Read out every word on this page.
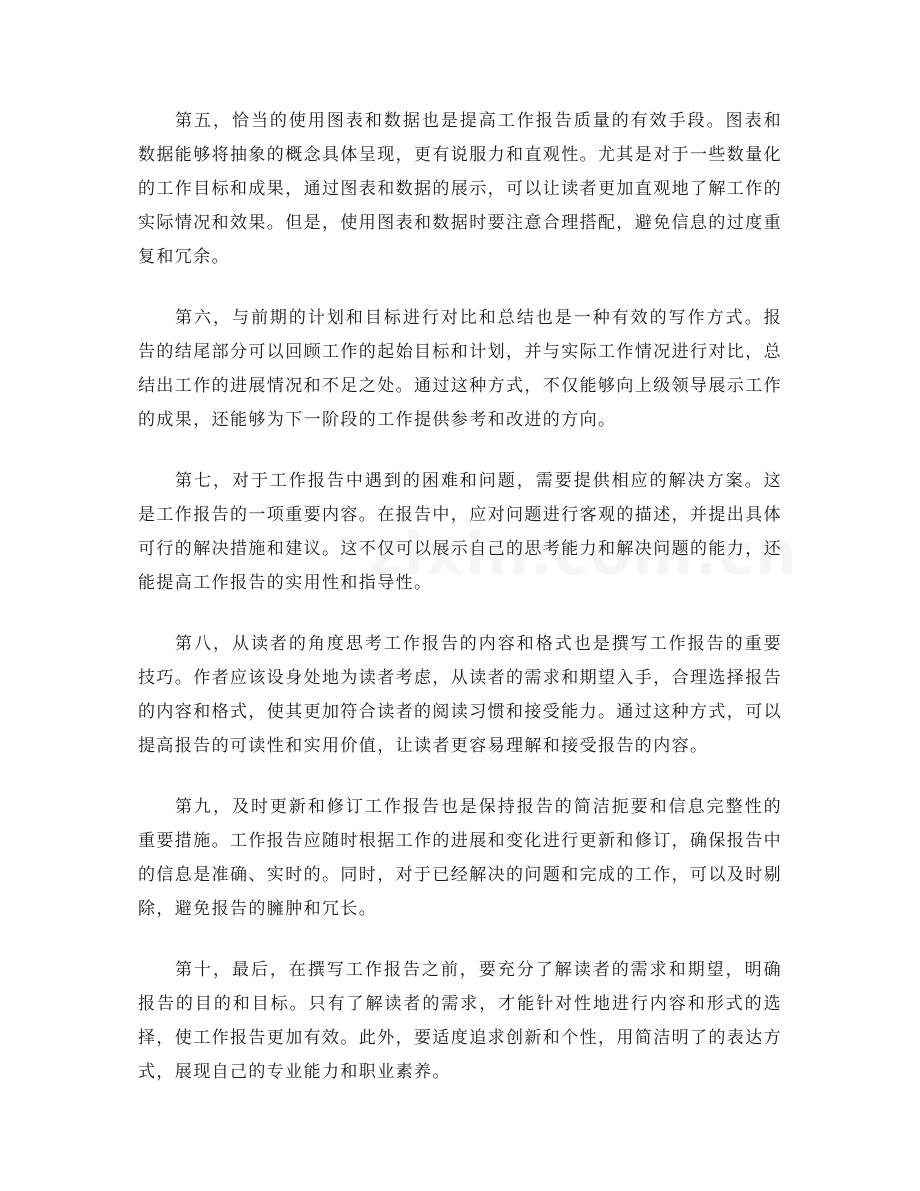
第五，恰当的使用图表和数据也是提高工作报告质量的有效手段。图表和数据能够将抽象的概念具体呈现，更有说服力和直观性。尤其是对于一些数量化的工作目标和成果，通过图表和数据的展示，可以让读者更加直观地了解工作的实际情况和效果。但是，使用图表和数据时要注意合理搭配，避免信息的过度重复和冗余。

第六，与前期的计划和目标进行对比和总结也是一种有效的写作方式。报告的结尾部分可以回顾工作的起始目标和计划，并与实际工作情况进行对比，总结出工作的进展情况和不足之处。通过这种方式，不仅能够向上级领导展示工作的成果，还能够为下一阶段的工作提供参考和改进的方向。

第七，对于工作报告中遇到的困难和问题，需要提供相应的解决方案。这是工作报告的一项重要内容。在报告中，应对问题进行客观的描述，并提出具体可行的解决措施和建议。这不仅可以展示自己的思考能力和解决问题的能力，还能提高工作报告的实用性和指导性。

第八，从读者的角度思考工作报告的内容和格式也是撰写工作报告的重要技巧。作者应该设身处地为读者考虑，从读者的需求和期望入手，合理选择报告的内容和格式，使其更加符合读者的阅读习惯和接受能力。通过这种方式，可以提高报告的可读性和实用价值，让读者更容易理解和接受报告的内容。

第九，及时更新和修订工作报告也是保持报告的简洁扼要和信息完整性的重要措施。工作报告应随时根据工作的进展和变化进行更新和修订，确保报告中的信息是准确、实时的。同时，对于已经解决的问题和完成的工作，可以及时剔除，避免报告的臃肿和冗长。

第十，最后，在撰写工作报告之前，要充分了解读者的需求和期望，明确报告的目的和目标。只有了解读者的需求，才能针对性地进行内容和形式的选择，使工作报告更加有效。此外，要适度追求创新和个性，用简洁明了的表达方式，展现自己的专业能力和职业素养。
